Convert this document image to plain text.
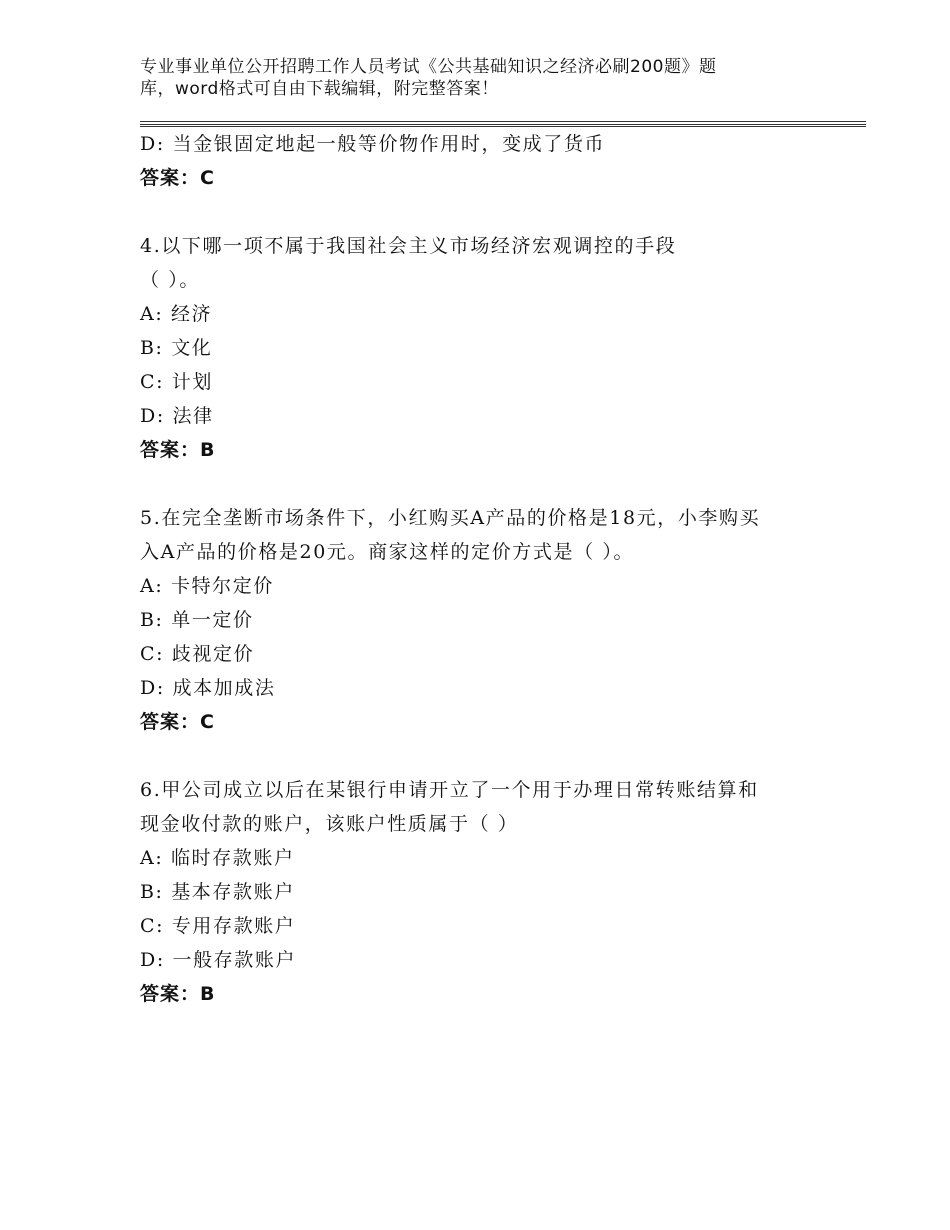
专业事业单位公开招聘工作人员考试《公共基础知识之经济必刷200题》题
库，word格式可自由下载编辑，附完整答案！
D: 当金银固定地起一般等价物作用时，变成了货币
答案：C
4.以下哪一项不属于我国社会主义市场经济宏观调控的手段
（ ）。
A: 经济
B: 文化
C: 计划
D: 法律
答案：B
5.在完全垄断市场条件下，小红购买A产品的价格是18元，小李购买
入A产品的价格是20元。商家这样的定价方式是（ ）。
A: 卡特尔定价
B: 单一定价
C: 歧视定价
D: 成本加成法
答案：C
6.甲公司成立以后在某银行申请开立了一个用于办理日常转账结算和
现金收付款的账户，该账户性质属于（ ）
A: 临时存款账户
B: 基本存款账户
C: 专用存款账户
D: 一般存款账户
答案：B
